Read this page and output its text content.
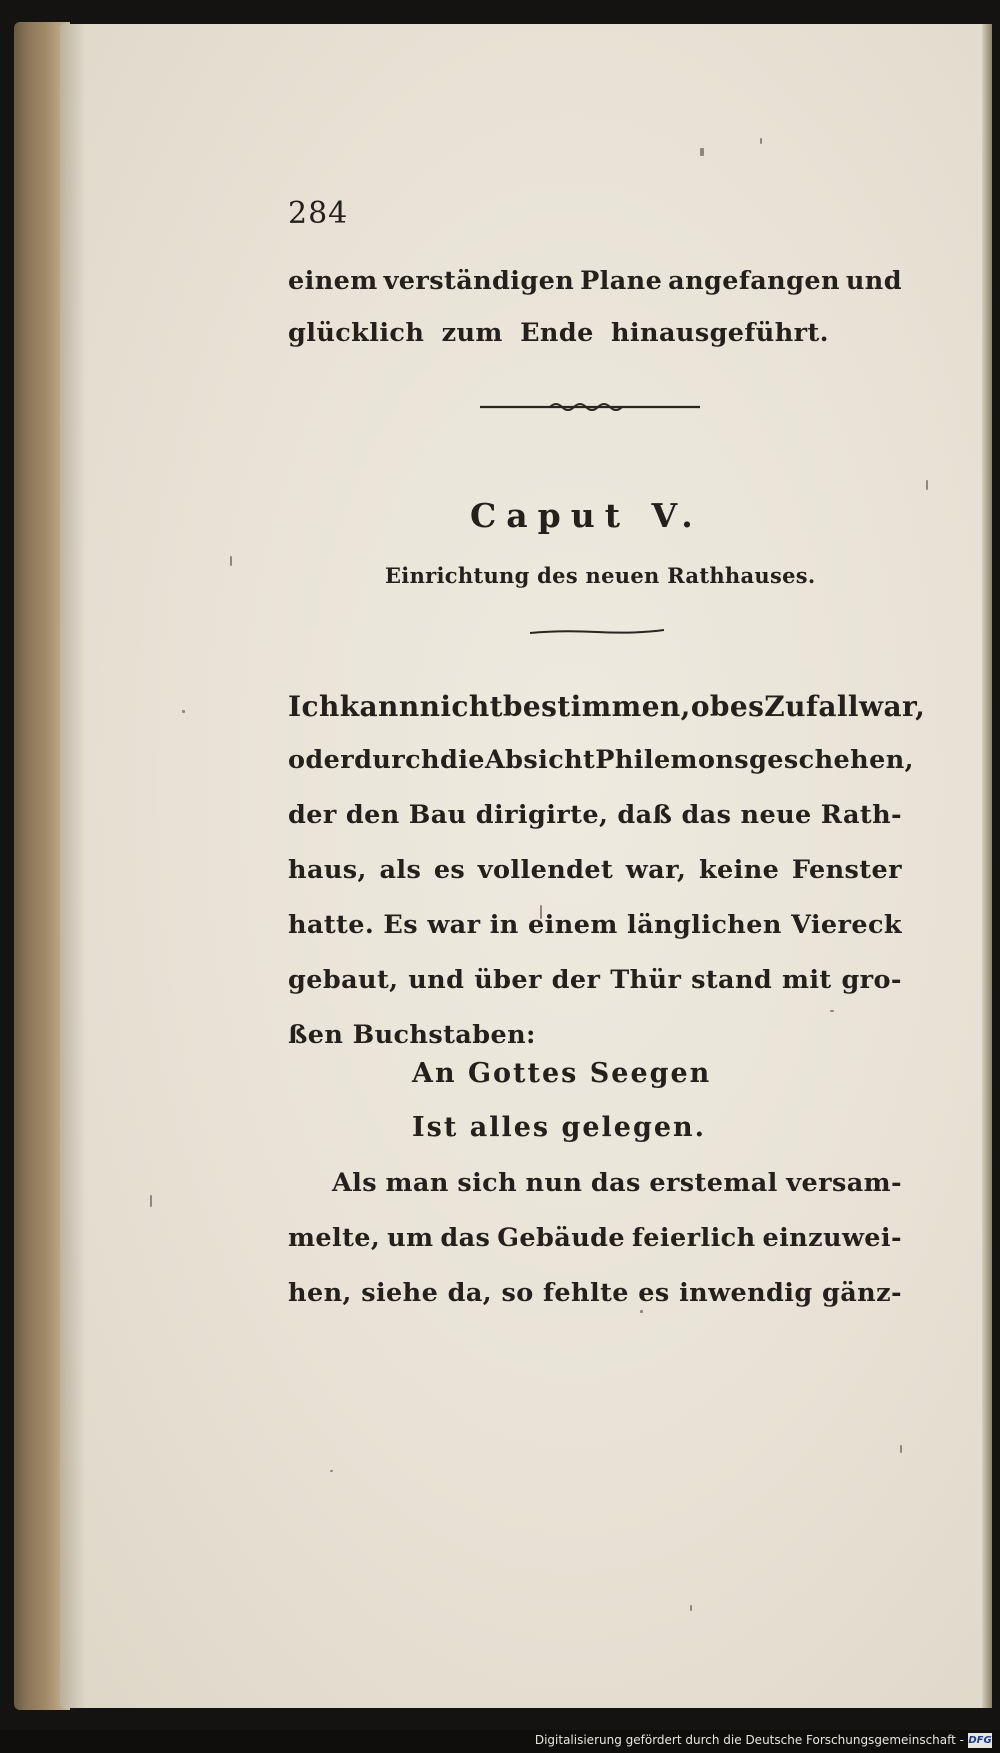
284
einem verständigen Plane angefangen und
glücklich zum Ende hinausgeführt.
Caput V.
Einrichtung des neuen Rathhauses.
Ich kann nicht bestimmen, ob es Zufall war,
oder durch die Absicht Philemons geschehen,
der den Bau dirigirte, daß das neue Rath-
haus, als es vollendet war, keine Fenster
hatte. Es war in einem länglichen Viereck
gebaut, und über der Thür stand mit gro-
ßen Buchstaben:
An Gottes Seegen
Ist alles gelegen.
Als man sich nun das erstemal versam-
melte, um das Gebäude feierlich einzuwei-
hen, siehe da, so fehlte es inwendig gänz-
Digitalisierung gefördert durch die Deutsche Forschungsgemeinschaft - DFG
